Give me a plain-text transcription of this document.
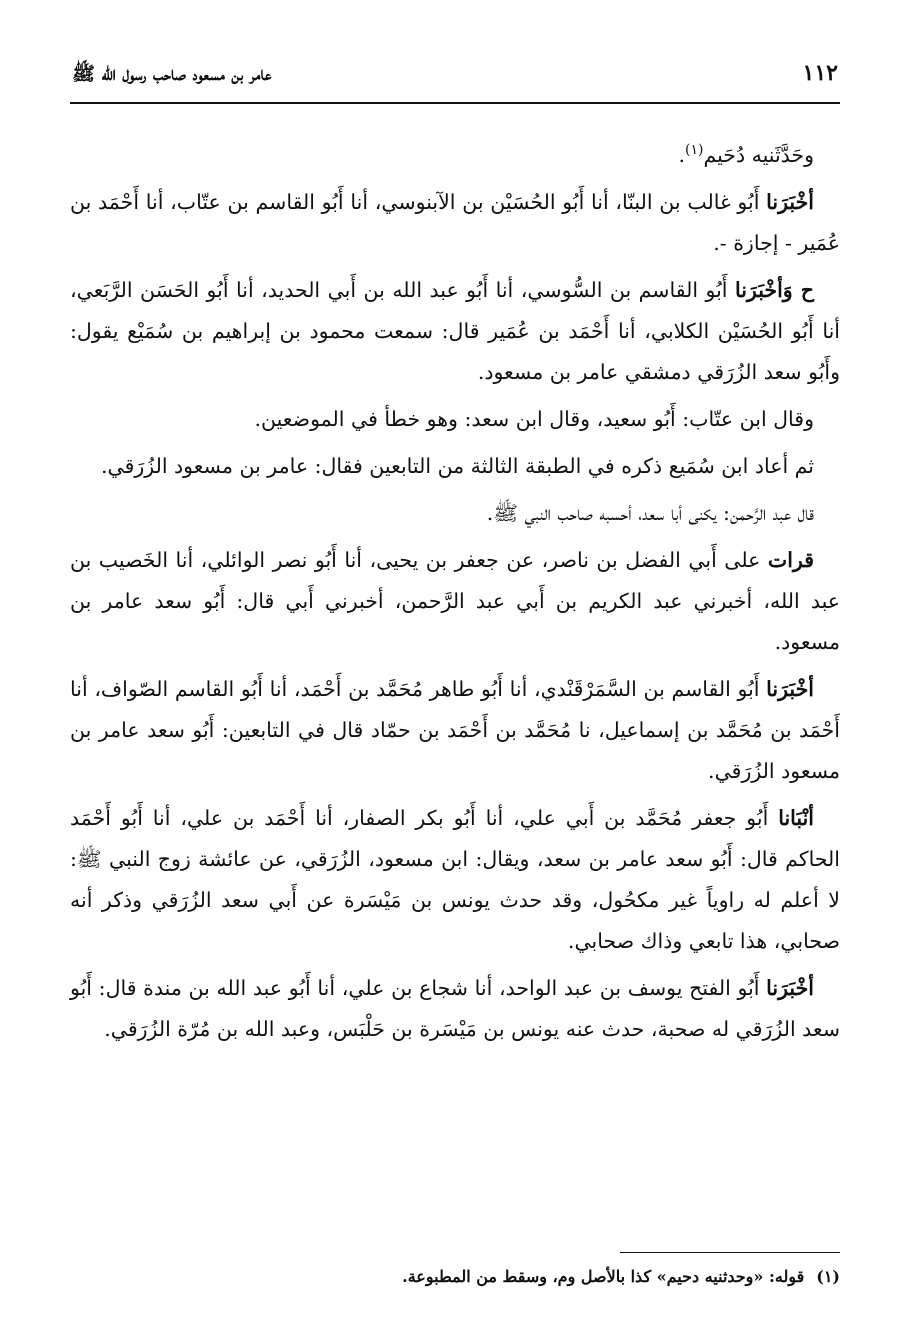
١١٢
عامر بن مسعود صاحب رسول الله ﷺ

وحَدَّثَنيه دُحَيم$^{(١)}$.

أخْبَرَنا أَبُو غالب بن البنّا، أنا أَبُو الحُسَيْن بن الآبنوسي، أنا أَبُو القاسم بن عتّاب، أنا أَحْمَد بن عُمَير - إجازة -.

ح وَأخْبَرَنا أَبُو القاسم بن السُّوسي، أنا أَبُو عبد الله بن أَبي الحديد، أنا أَبُو الحَسَن الرَّبَعي، أنا أَبُو الحُسَيْن الكلابي، أنا أَحْمَد بن عُمَير قال: سمعت محمود بن إبراهيم بن سُمَيْع يقول: وأَبُو سعد الزُرَقي دمشقي عامر بن مسعود.

وقال ابن عتّاب: أَبُو سعيد، وقال ابن سعد: وهو خطأ في الموضعين.

ثم أعاد ابن سُمَيع ذكره في الطبقة الثالثة من التابعين فقال: عامر بن مسعود الزُرَقي.

قال عبد الرَّحمن: يكنى أبا سعد، أحسبه صاحب النبي ﷺ.

قرات على أَبي الفضل بن ناصر، عن جعفر بن يحيى، أنا أَبُو نصر الوائلي، أنا الخَصيب بن عبد الله، أخبرني عبد الكريم بن أَبي عبد الرَّحمن، أخبرني أَبي قال: أَبُو سعد عامر بن مسعود.

أخْبَرَنا أَبُو القاسم بن السَّمَرْقَنْدي، أنا أَبُو طاهر مُحَمَّد بن أَحْمَد، أنا أَبُو القاسم الصّواف، أنا أَحْمَد بن مُحَمَّد بن إسماعيل، نا مُحَمَّد بن أَحْمَد بن حمّاد قال في التابعين: أَبُو سعد عامر بن مسعود الزُرَقي.

أنْبَانا أَبُو جعفر مُحَمَّد بن أَبي علي، أنا أَبُو بكر الصفار، أنا أَحْمَد بن علي، أنا أَبُو أَحْمَد الحاكم قال: أَبُو سعد عامر بن سعد، ويقال: ابن مسعود، الزُرَقي، عن عائشة زوج النبي ﷺ: لا أعلم له راوياً غير مكحُول، وقد حدث يونس بن مَيْسَرة عن أَبي سعد الزُرَقي وذكر أنه صحابي، هذا تابعي وذاك صحابي.

أخْبَرَنا أَبُو الفتح يوسف بن عبد الواحد، أنا شجاع بن علي، أنا أَبُو عبد الله بن مندة قال: أَبُو سعد الزُرَقي له صحبة، حدث عنه يونس بن مَيْسَرة بن حَلْبَس، وعبد الله بن مُرّة الزُرَقي.

(١)قوله: «وحدثنيه دحيم» كذا بالأصل وم، وسقط من المطبوعة.
